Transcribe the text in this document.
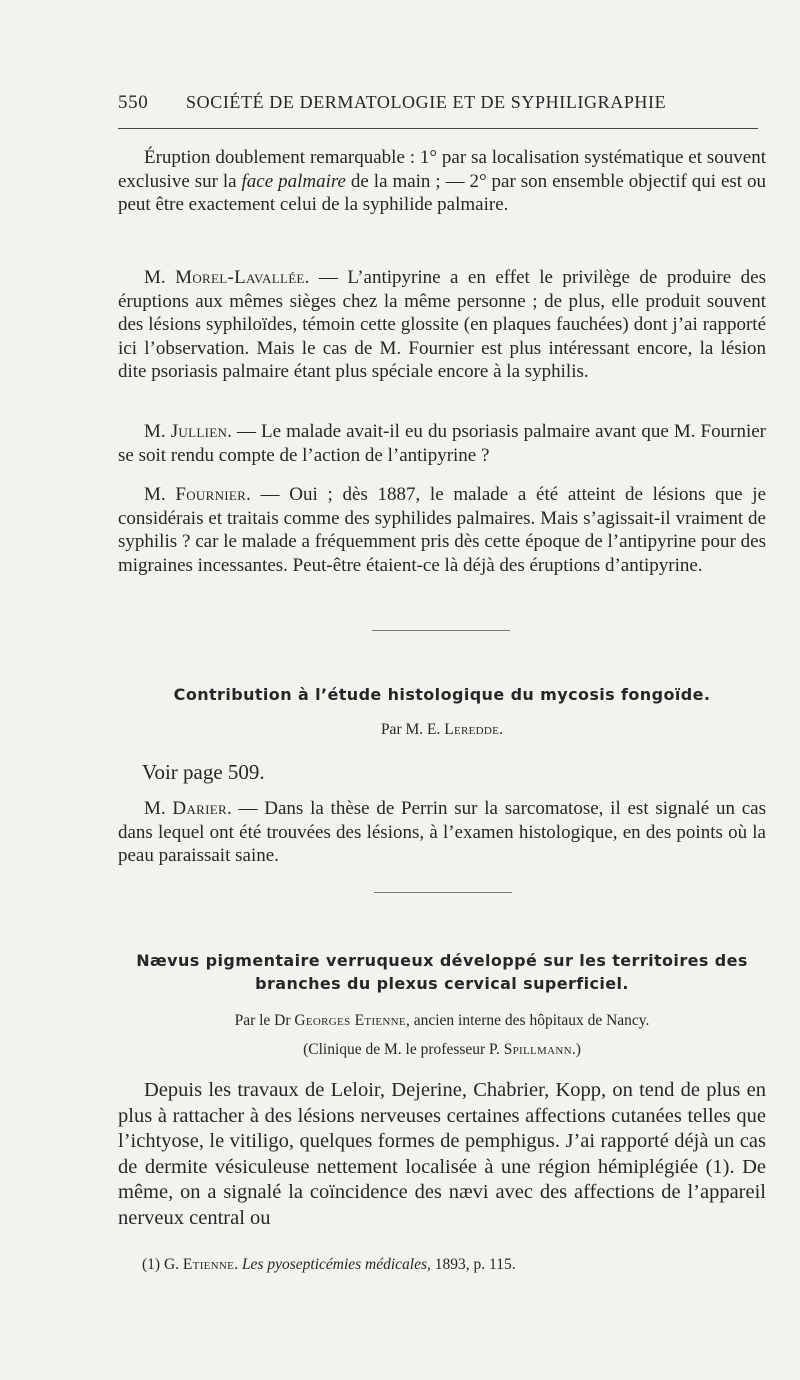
550 SOCIÉTÉ DE DERMATOLOGIE ET DE SYPHILIGRAPHIE

Éruption doublement remarquable : 1° par sa localisation systématique et souvent exclusive sur la face palmaire de la main ; — 2° par son ensemble objectif qui est ou peut être exactement celui de la syphilide palmaire.

M. Morel-Lavallée. — L’antipyrine a en effet le privilège de produire des éruptions aux mêmes sièges chez la même personne ; de plus, elle produit souvent des lésions syphiloïdes, témoin cette glossite (en plaques fauchées) dont j’ai rapporté ici l’observation. Mais le cas de M. Fournier est plus intéressant encore, la lésion dite psoriasis palmaire étant plus spéciale encore à la syphilis.

M. Jullien. — Le malade avait-il eu du psoriasis palmaire avant que M. Fournier se soit rendu compte de l’action de l’antipyrine ?

M. Fournier. — Oui ; dès 1887, le malade a été atteint de lésions que je considérais et traitais comme des syphilides palmaires. Mais s’agissait-il vraiment de syphilis ? car le malade a fréquemment pris dès cette époque de l’antipyrine pour des migraines incessantes. Peut-être étaient-ce là déjà des éruptions d’antipyrine.

Contribution à l’étude histologique du mycosis fongoïde.
Par M. E. Leredde.
Voir page 509.

M. Darier. — Dans la thèse de Perrin sur la sarcomatose, il est signalé un cas dans lequel ont été trouvées des lésions, à l’examen histologique, en des points où la peau paraissait saine.

Nævus pigmentaire verruqueux développé sur les territoires des branches du plexus cervical superficiel.
Par le Dr Georges Etienne, ancien interne des hôpitaux de Nancy.
(Clinique de M. le professeur P. Spillmann.)

Depuis les travaux de Leloir, Dejerine, Chabrier, Kopp, on tend de plus en plus à rattacher à des lésions nerveuses certaines affections cutanées telles que l’ichtyose, le vitiligo, quelques formes de pemphigus. J’ai rapporté déjà un cas de dermite vésiculeuse nettement localisée à une région hémiplégiée (1). De même, on a signalé la coïncidence des nævi avec des affections de l’appareil nerveux central ou

(1) G. Etienne. Les pyosepticémies médicales, 1893, p. 115.
